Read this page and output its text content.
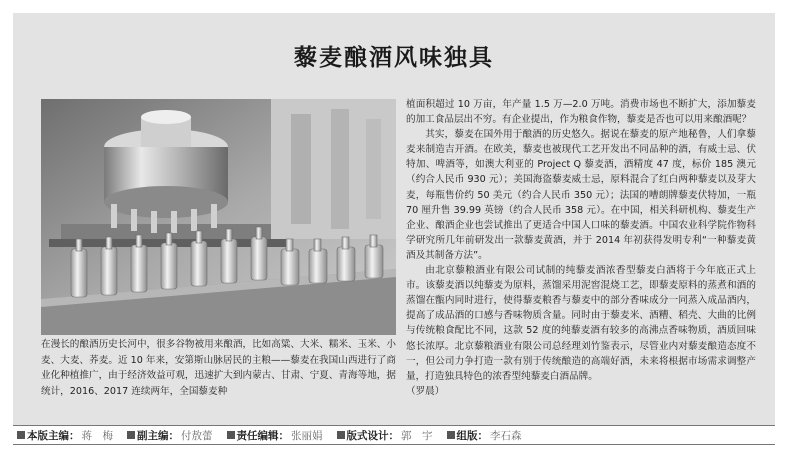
藜麦酿酒风味独具

在漫长的酿酒历史长河中，很多谷物被用来酿酒，比如高粱、大米、糯米、玉米、小麦、大麦、荞麦。近 10 年来，安第斯山脉居民的主粮——藜麦在我国山西进行了商业化种植推广，由于经济效益可观，迅速扩大到内蒙古、甘肃、宁夏、青海等地，据统计，2016、2017 连续两年，全国藜麦种

植面积超过 10 万亩，年产量 1.5 万—2.0 万吨。消费市场也不断扩大，添加藜麦的加工食品层出不穷。有企业提出，作为粮食作物，藜麦是否也可以用来酿酒呢？

其实，藜麦在国外用于酿酒的历史悠久。据说在藜麦的原产地秘鲁，人们拿藜麦来制造吉开酒。在欧美，藜麦也被现代工艺开发出不同品种的酒，有威士忌、伏特加、啤酒等，如澳大利亚的 Project Q 藜麦酒，酒精度 47 度，标价 185 澳元（约合人民币 930 元）；美国海盗藜麦威士忌，原料混合了红白两种藜麦以及芽大麦，每瓶售价约 50 美元（约合人民币 350 元）；法国的嘈朗牌藜麦伏特加，一瓶 70 厘升售 39.99 英镑（约合人民币 358 元）。在中国，相关科研机构、藜麦生产企业、酿酒企业也尝试推出了更适合中国人口味的藜麦酒。中国农业科学院作物科学研究所几年前研发出一款藜麦黄酒，并于 2014 年初获得发明专利“一种藜麦黄酒及其制备方法”。

由北京藜粮酒业有限公司试制的纯藜麦酒浓香型藜麦白酒将于今年底正式上市。该藜麦酒以纯藜麦为原料，蒸馏采用泥窖混烧工艺，即藜麦原料的蒸煮和酒的蒸馏在甑内同时进行，使得藜麦粮香与藜麦中的部分香味成分一同蒸入成品酒内，提高了成品酒的口感与香味物质含量。同时由于藜麦米、酒糟、稻壳、大曲的比例与传统粮食配比不同，这款 52 度的纯藜麦酒有较多的高沸点香味物质，酒质回味悠长浓厚。北京藜粮酒业有限公司总经理刘竹鉴表示，尽管业内对藜麦酿造态度不一，但公司力争打造一款有别于传统酿造的高端好酒，未来将根据市场需求调整产量，打造独具特色的浓香型纯藜麦白酒品牌。

（罗晨）

本版主编： 蒋　梅 副主编： 付敖蕾 责任编辑： 张丽娟 版式设计： 郭　宇 组版： 李石森
